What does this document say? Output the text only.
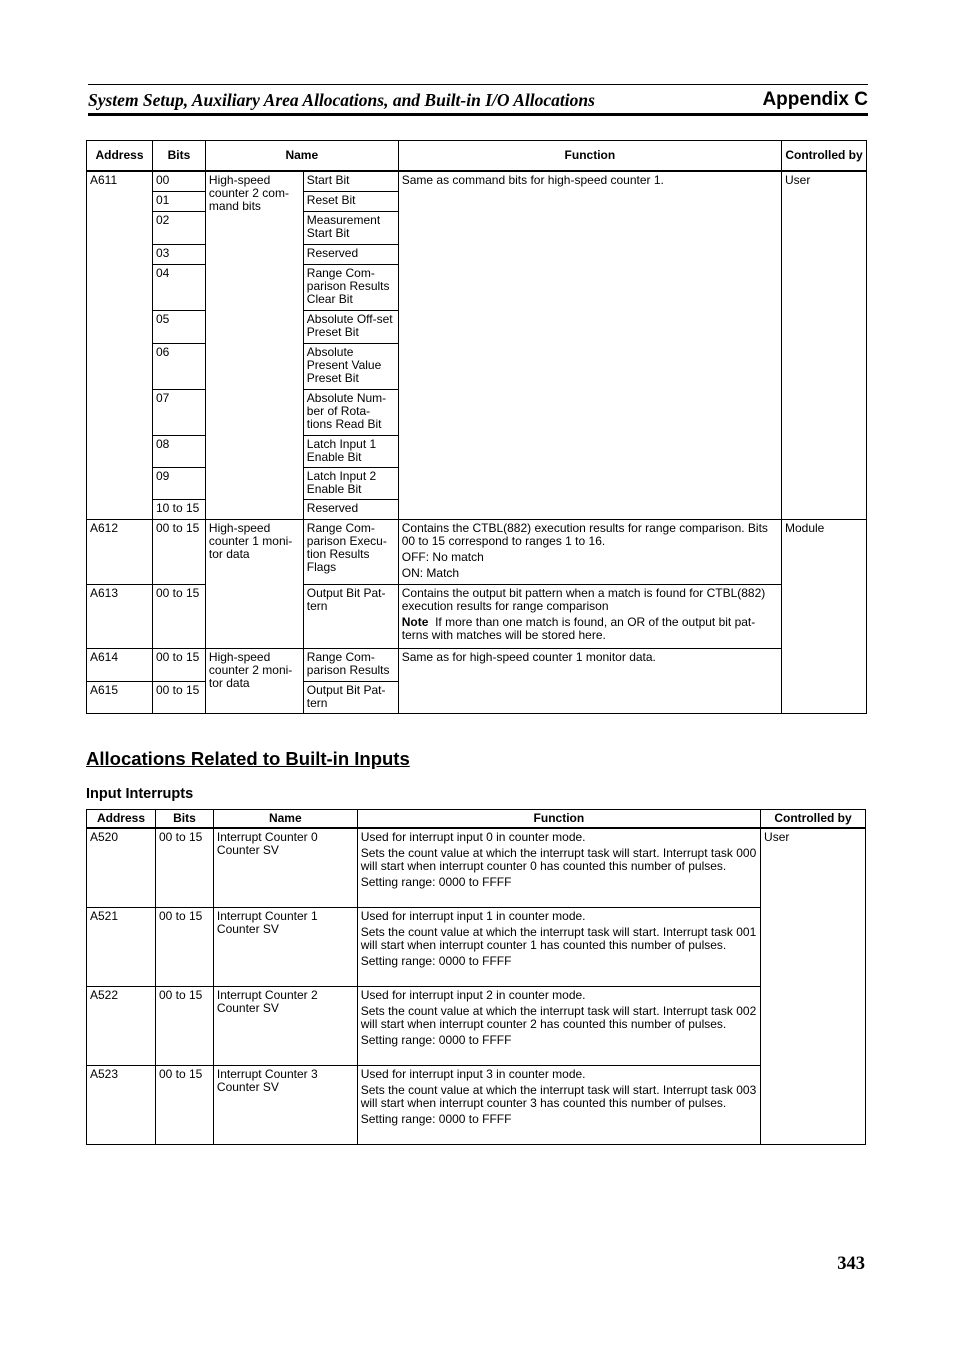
System Setup, Auxiliary Area Allocations, and Built-in I/O Allocations	Appendix C
Address	Bits	Name		Function	Controlled by
A611	00	High-speed counter 2 com-mand bits	Start Bit	Same as command bits for high-speed counter 1.	User
	01		Reset Bit		
	02		Measurement Start Bit		
	03		Reserved		
	04		Range Com-parison Results Clear Bit		
	05		Absolute Off-set Preset Bit		
	06		Absolute Present Value Preset Bit		
	07		Absolute Num-ber of Rota-tions Read Bit		
	08		Latch Input 1 Enable Bit		
	09		Latch Input 2 Enable Bit		
	10 to 15		Reserved		
A612	00 to 15	High-speed counter 1 moni-tor data	Range Com-parison Execu-tion Results Flags	Contains the CTBL(882) execution results for range comparison. Bits 00 to 15 correspond to ranges 1 to 16.

OFF: No match

ON: Match	Module
A613	00 to 15		Output Bit Pat-tern	Contains the output bit pattern when a match is found for CTBL(882) execution results for range comparison

Note If more than one match is found, an OR of the output bit pat-terns with matches will be stored here.	

A614	00 to 15	High-speed counter 2 moni-tor data	Range Com-parison Results	Same as for high-speed counter 1 monitor data.	
A615	00 to 15		Output Bit Pat-tern		
Allocations Related to Built-in Inputs
Input Interrupts
Address	Bits	Name	Function	Controlled by
A520	00 to 15	Interrupt Counter 0 Counter SV	Used for interrupt input 0 in counter mode.

Sets the count value at which the interrupt task will start. Interrupt task 000 will start when interrupt counter 0 has counted this number of pulses.

Setting range: 0000 to FFFF	User
A521	00 to 15	Interrupt Counter 1 Counter SV	Used for interrupt input 1 in counter mode.

Sets the count value at which the interrupt task will start. Interrupt task 001 will start when interrupt counter 1 has counted this number of pulses.

Setting range: 0000 to FFFF	

A522	00 to 15	Interrupt Counter 2 Counter SV	Used for interrupt input 2 in counter mode.

Sets the count value at which the interrupt task will start. Interrupt task 002 will start when interrupt counter 2 has counted this number of pulses.

Setting range: 0000 to FFFF	

A523	00 to 15	Interrupt Counter 3 Counter SV	Used for interrupt input 3 in counter mode.

Sets the count value at which the interrupt task will start. Interrupt task 003 will start when interrupt counter 3 has counted this number of pulses.

Setting range: 0000 to FFFF	

343
